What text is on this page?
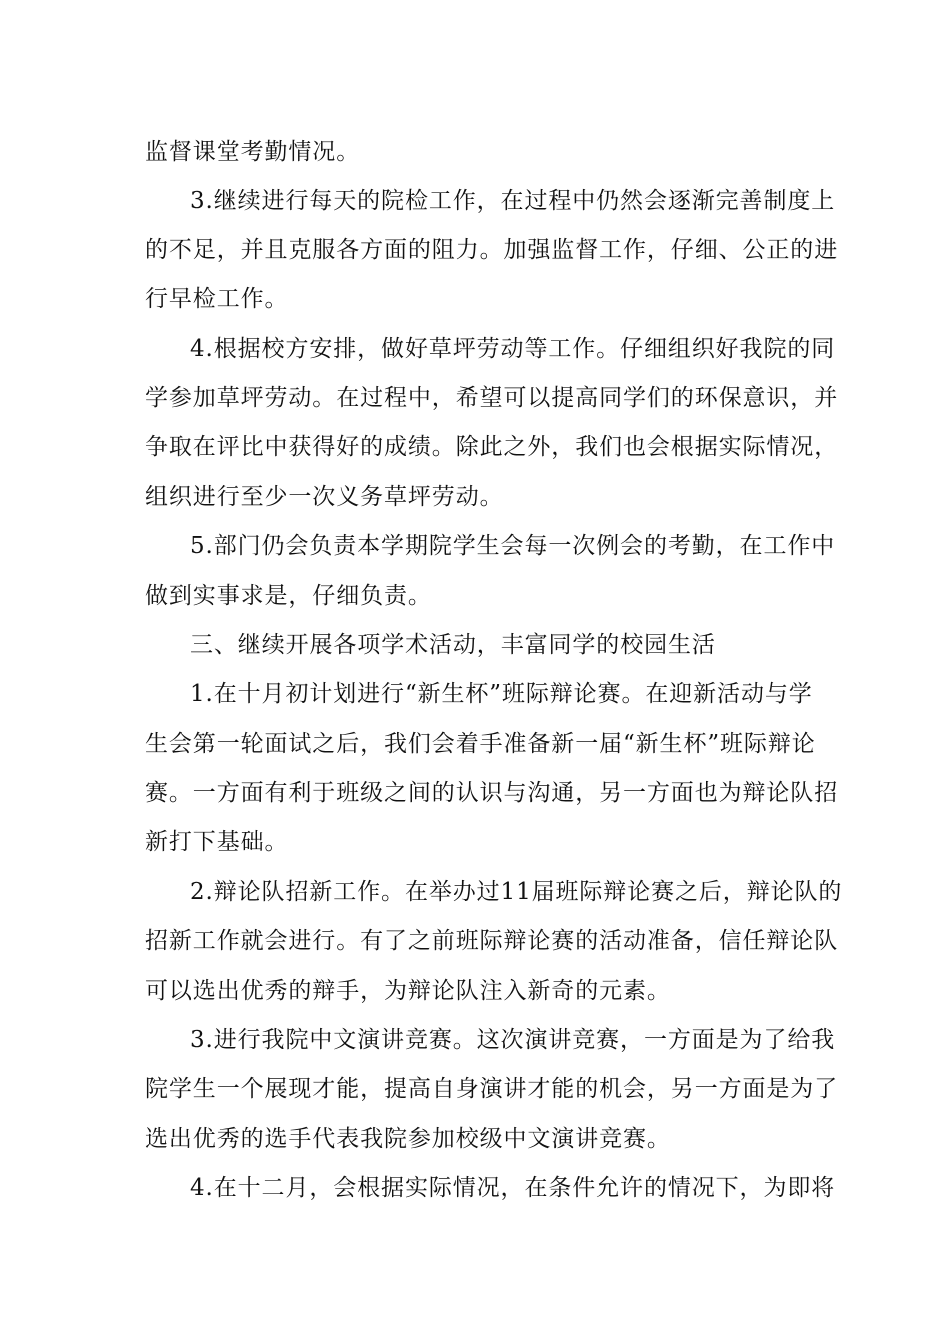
监督课堂考勤情况。
3.继续进行每天的院检工作，在过程中仍然会逐渐完善制度上
的不足，并且克服各方面的阻力。加强监督工作，仔细、公正的进
行早检工作。
4.根据校方安排，做好草坪劳动等工作。仔细组织好我院的同
学参加草坪劳动。在过程中，希望可以提高同学们的环保意识，并
争取在评比中获得好的成绩。除此之外，我们也会根据实际情况，
组织进行至少一次义务草坪劳动。
5.部门仍会负责本学期院学生会每一次例会的考勤，在工作中
做到实事求是，仔细负责。
三、继续开展各项学术活动，丰富同学的校园生活
1.在十月初计划进行“新生杯”班际辩论赛。在迎新活动与学
生会第一轮面试之后，我们会着手准备新一届“新生杯”班际辩论
赛。一方面有利于班级之间的认识与沟通，另一方面也为辩论队招
新打下基础。
2.辩论队招新工作。在举办过11届班际辩论赛之后，辩论队的
招新工作就会进行。有了之前班际辩论赛的活动准备，信任辩论队
可以选出优秀的辩手，为辩论队注入新奇的元素。
3.进行我院中文演讲竞赛。这次演讲竞赛，一方面是为了给我
院学生一个展现才能，提高自身演讲才能的机会，另一方面是为了
选出优秀的选手代表我院参加校级中文演讲竞赛。
4.在十二月，会根据实际情况，在条件允许的情况下，为即将
